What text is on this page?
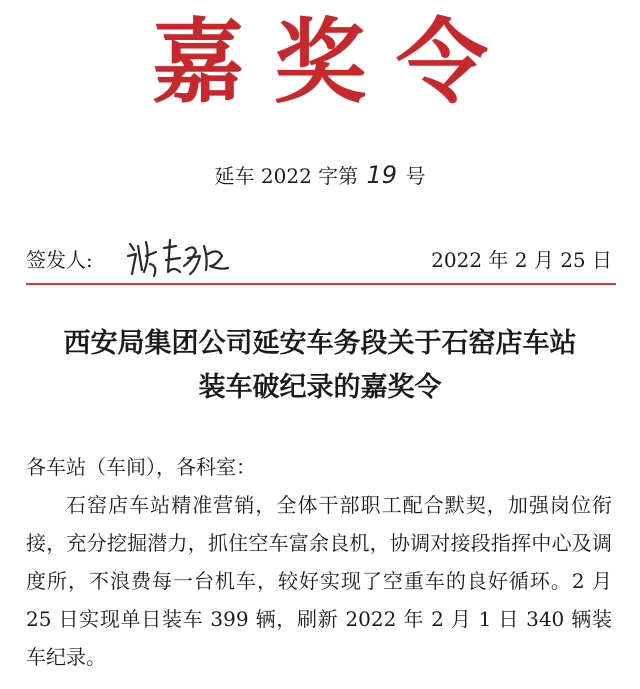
嘉奖令
延车 2022 字第 19 号
签发人:	2022 年 2 月 25 日
西安局集团公司延安车务段关于石窑店车站
装车破纪录的嘉奖令
各车站（车间），各科室：

石窑店车站精准营销，全体干部职工配合默契，加强岗位衔接，充分挖掘潜力，抓住空车富余良机，协调对接段指挥中心及调度所，不浪费每一台机车，较好实现了空重车的良好循环。2 月 25 日实现单日装车 399 辆，刷新 2022 年 2 月 1 日 340 辆装车纪录。
